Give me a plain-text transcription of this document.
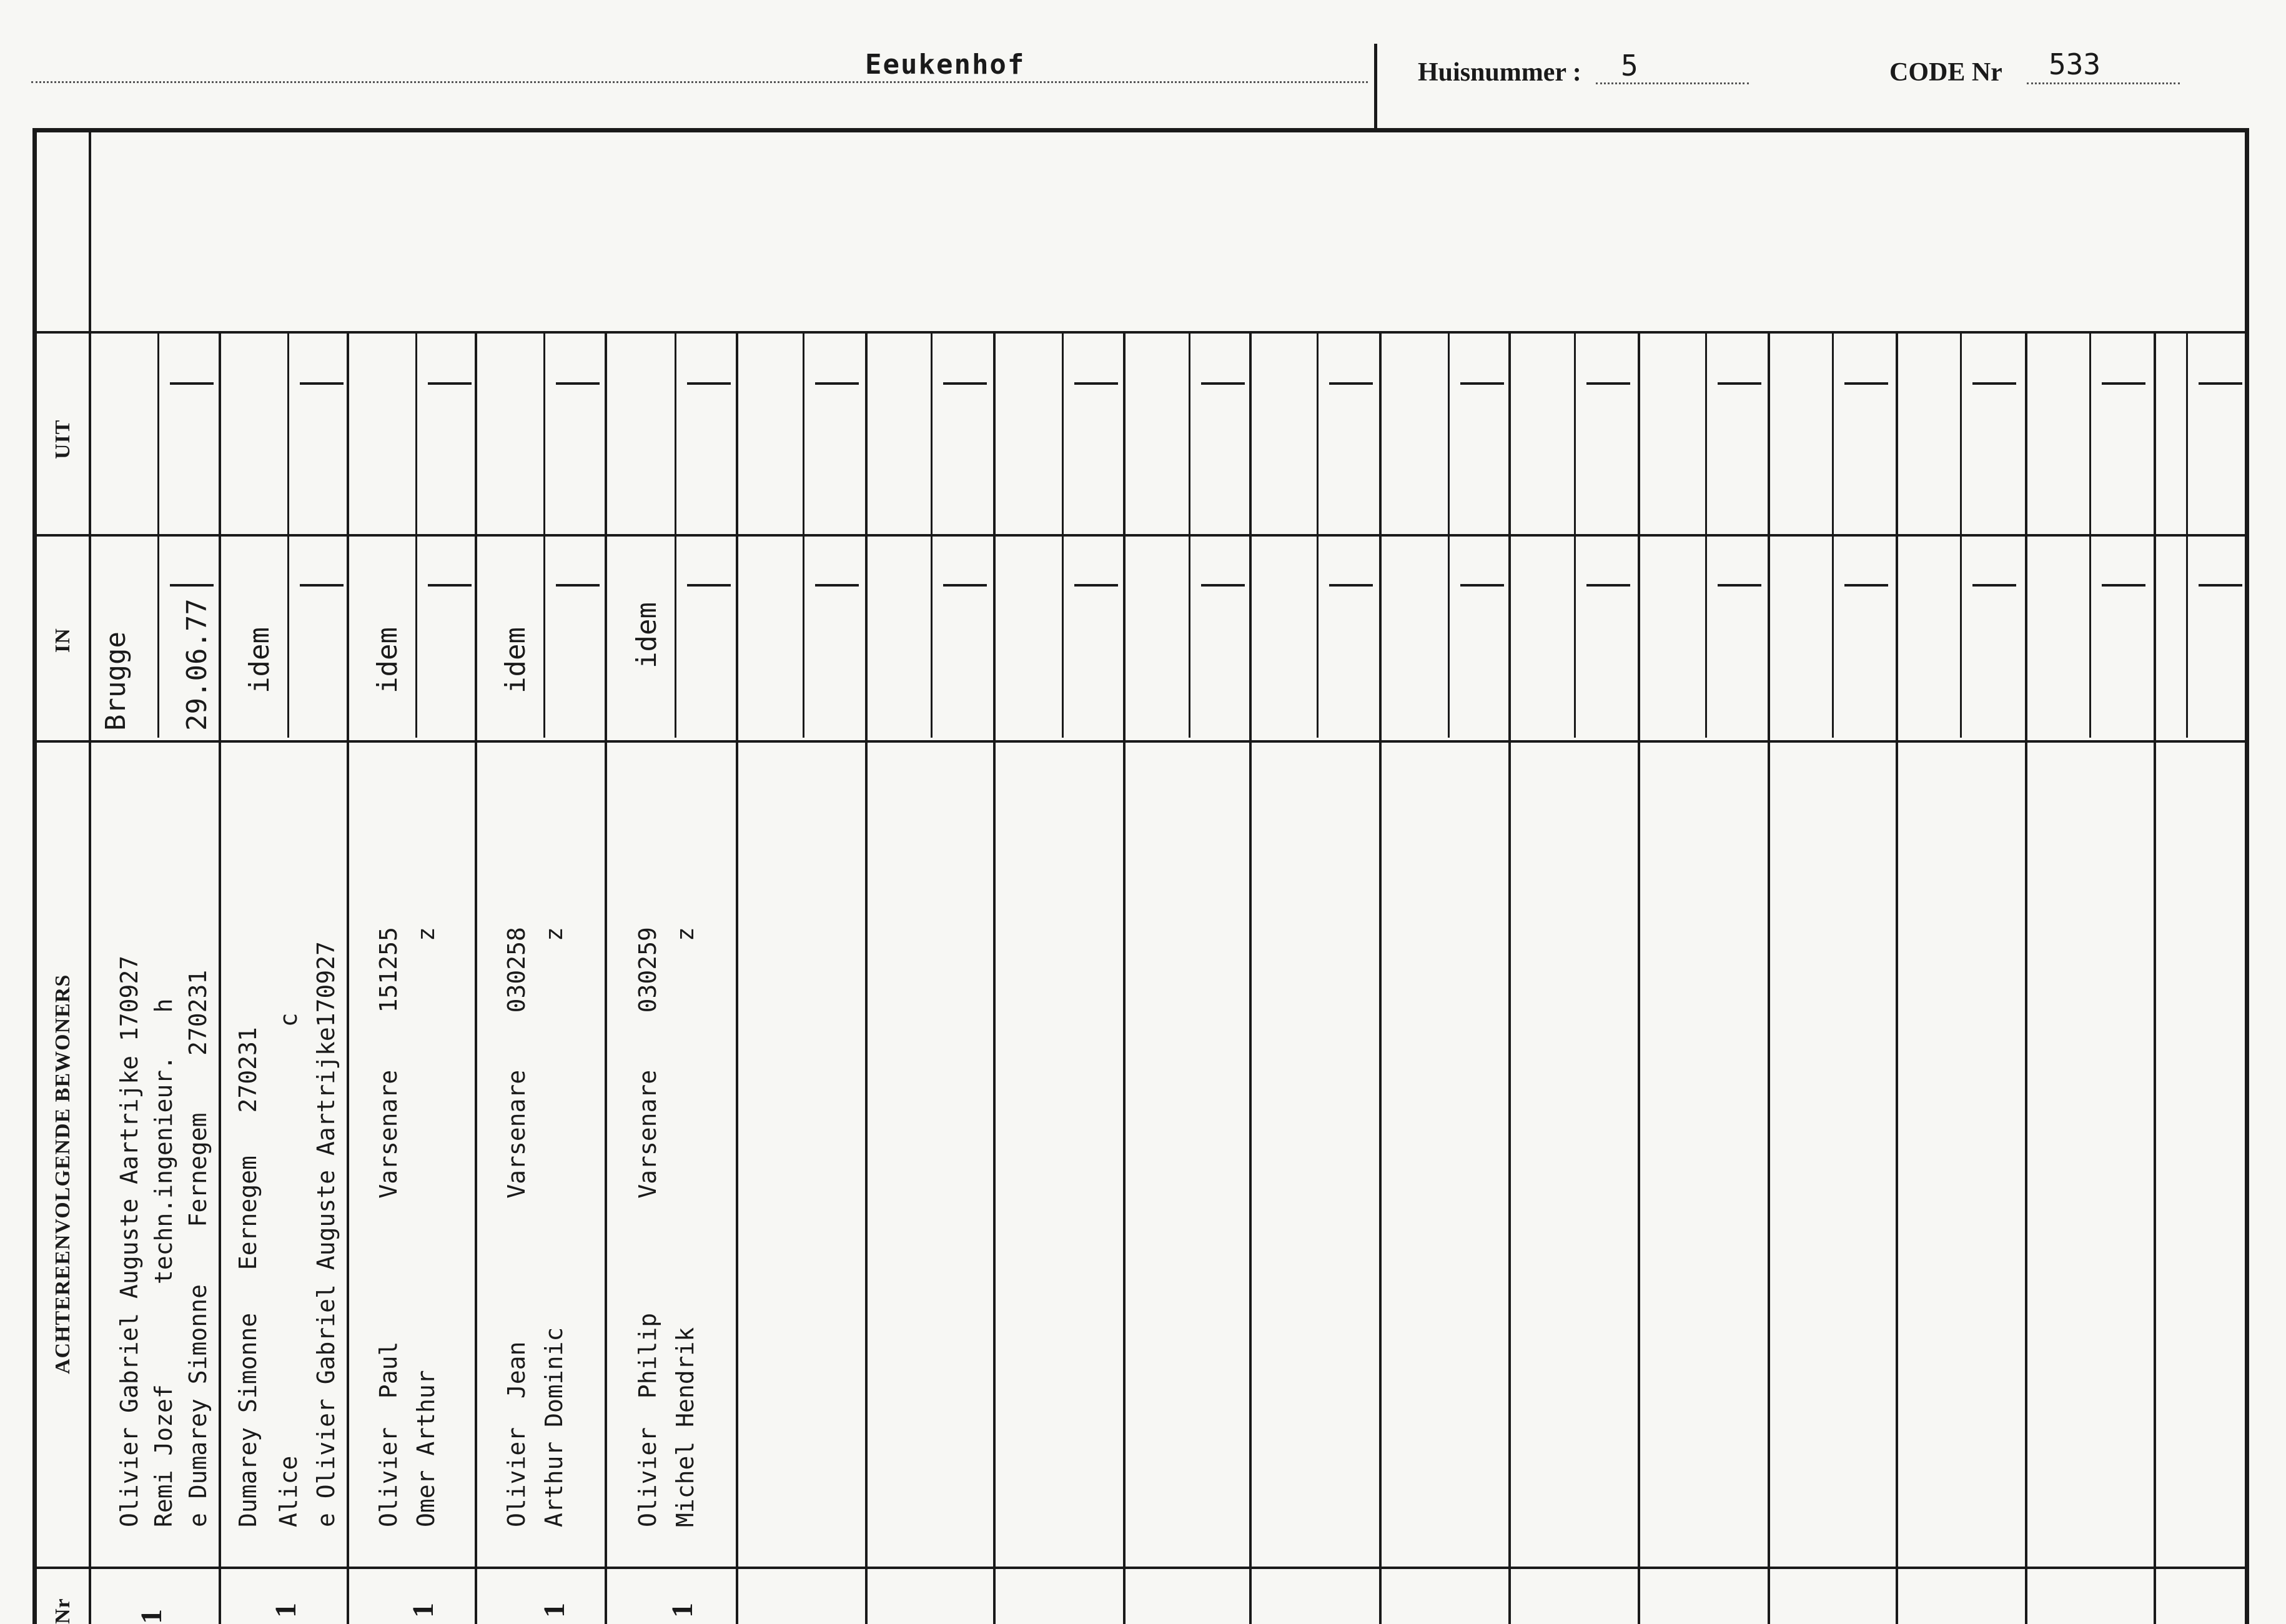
Eeukenhof	Huisnummer : 5	CODE Nr 533
UIT
IN
ACHTEREENVOLGENDE BEWONERS
Nr
Brugge 29.06.77
Olivier Gabriel Auguste Aartrijke 170927 Remi Jozef       techn.ingenieur.   h e Dumarey Simonne    Fernegem    270231
1
idem
Dumarey Simonne   Eernegem   270231 Alice                              c e Olivier Gabriel Auguste Aartrijke170927
1
idem
Olivier  Paul          Varsenare    151255 Omer Arthur                              z
1
idem
Olivier  Jean          Varsenare    030258 Arthur Dominic                           z
1
idem
Olivier  Philip        Varsenare    030259 Michel Hendrik                           z
1
